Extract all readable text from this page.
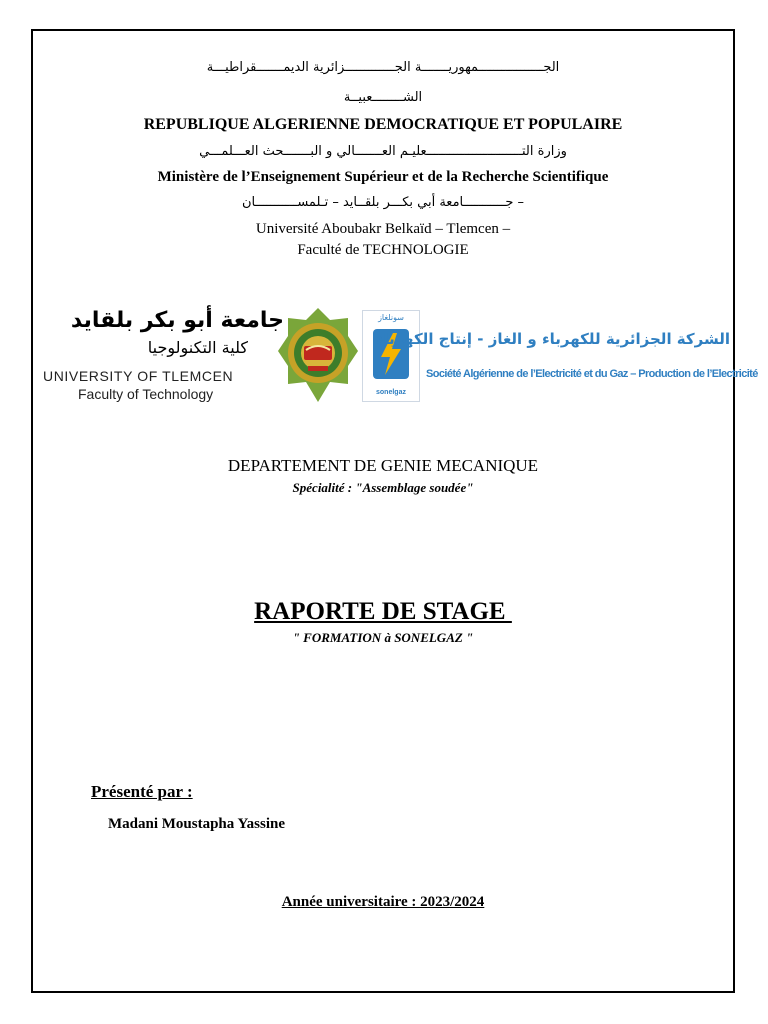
الجـــــــــــــــــمهوريـــــــة الجـــــــــــــزائرية الديمـــــــقراطيـــة
الشــــــــعبيــة
REPUBLIQUE ALGERIENNE DEMOCRATIQUE ET POPULAIRE
وزارة التـــــــــــــــــــــــــعليـم العـــــــالي و البـــــــحث العـــلمـــي
Ministère de l’Enseignement Supérieur et de la Recherche Scientifique
– جـــــــــــامعة أبي بكـــر بلقــايد – تـلمســـــــــــان
Université Aboubakr Belkaïd – Tlemcen –
Faculté de TECHNOLOGIE
جامعة أبو بكر بلقايد
كلية التكنولوجيا
UNIVERSITY OF TLEMCEN
Faculty of Technology
سونلغاز
sonelgaz
الشركة الجزائرية للكهرباء و الغاز - إنتاج الكهرباء
Société Algérienne de l’Electricité et du Gaz – Production de l’Electricité
DEPARTEMENT DE GENIE MECANIQUE
Spécialité : "Assemblage soudée"
RAPORTE DE STAGE
" FORMATION à SONELGAZ "
Présenté par :
Madani Moustapha Yassine
Année universitaire : 2023/2024
